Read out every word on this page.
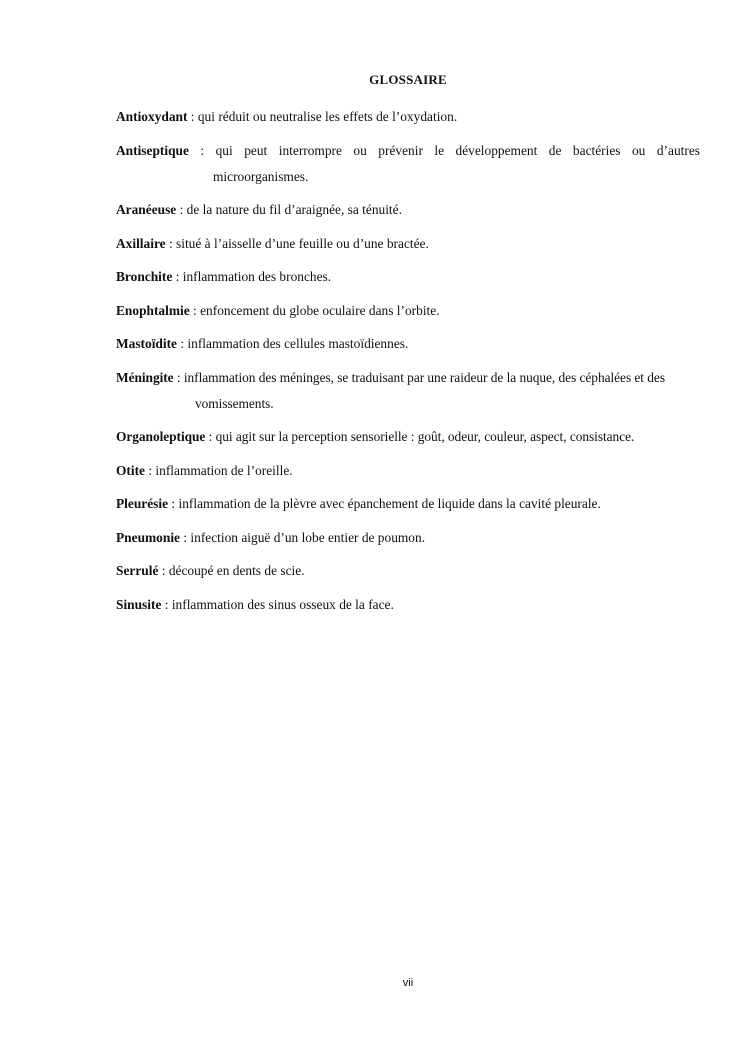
GLOSSAIRE

Antioxydant : qui réduit ou neutralise les effets de l’oxydation.

Antiseptique : qui peut interrompre ou prévenir le développement de bactéries ou d’autres microorganismes.

Aranéeuse : de la nature du fil d’araignée, sa ténuité.

Axillaire : situé à l’aisselle d’une feuille ou d’une bractée.

Bronchite : inflammation des bronches.

Enophtalmie : enfoncement du globe oculaire dans l’orbite.

Mastoïdite : inflammation des cellules mastoïdiennes.

Méningite : inflammation des méninges, se traduisant par une raideur de la nuque, des céphalées et des vomissements.

Organoleptique : qui agit sur la perception sensorielle : goût, odeur, couleur, aspect, consistance.

Otite : inflammation de l’oreille.

Pleurésie : inflammation de la plèvre avec épanchement de liquide dans la cavité pleurale.

Pneumonie : infection aiguë d’un lobe entier de poumon.

Serrulé : découpé en dents de scie.

Sinusite : inflammation des sinus osseux de la face.

vii
